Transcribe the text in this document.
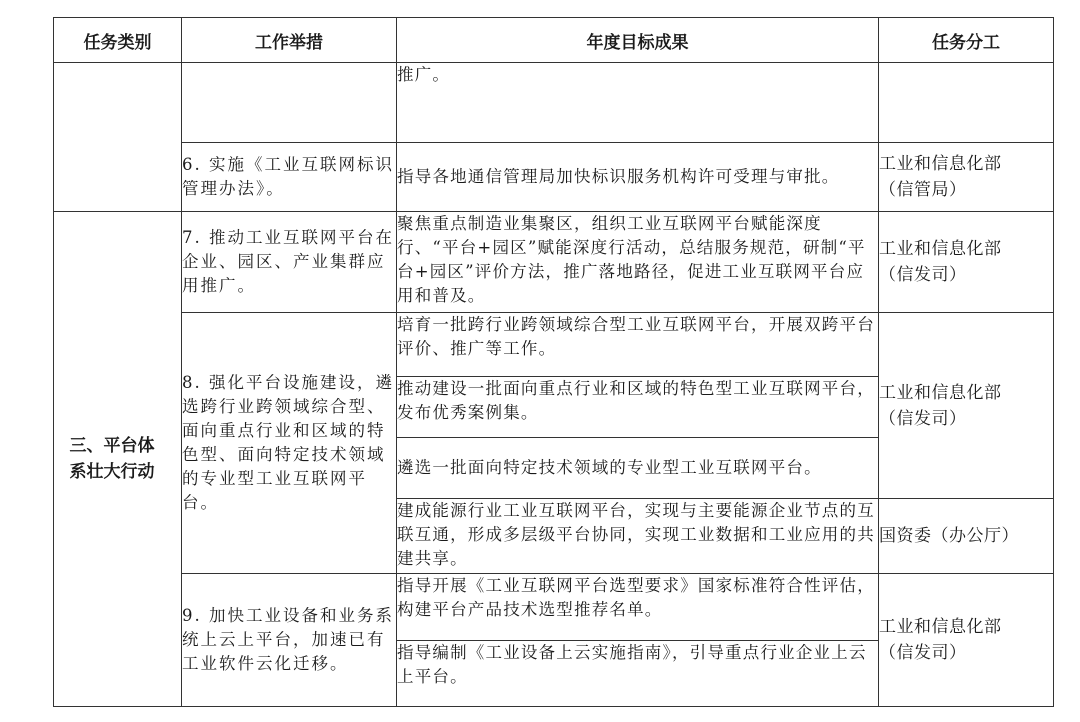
任务类别	工作举措	年度目标成果	任务分工
		推广。	
	6. 实施《工业互联网标识管理办法》。	指导各地通信管理局加快标识服务机构许可受理与审批。	工业和信息化部
（信管局）

三、平台体系壮大行动	7. 推动工业互联网平台在企业、园区、产业集群应用推广。	聚焦重点制造业集聚区，组织工业互联网平台赋能深度行、“平台+园区”赋能深度行活动，总结服务规范，研制“平台+园区”评价方法，推广落地路径，促进工业互联网平台应用和普及。	工业和信息化部
（信发司）

	8. 强化平台设施建设，遴选跨行业跨领域综合型、面向重点行业和区域的特色型、面向特定技术领域的专业型工业互联网平台。	培育一批跨行业跨领域综合型工业互联网平台，开展双跨平台评价、推广等工作。	工业和信息化部
（信发司）

		推动建设一批面向重点行业和区域的特色型工业互联网平台，发布优秀案例集。	
		遴选一批面向特定技术领域的专业型工业互联网平台。	
		建成能源行业工业互联网平台，实现与主要能源企业节点的互联互通，形成多层级平台协同，实现工业数据和工业应用的共建共享。	国资委（办公厅）
	9. 加快工业设备和业务系统上云上平台，加速已有工业软件云化迁移。	指导开展《工业互联网平台选型要求》国家标准符合性评估，构建平台产品技术选型推荐名单。	工业和信息化部
（信发司）

		指导编制《工业设备上云实施指南》，引导重点行业企业上云上平台。	
